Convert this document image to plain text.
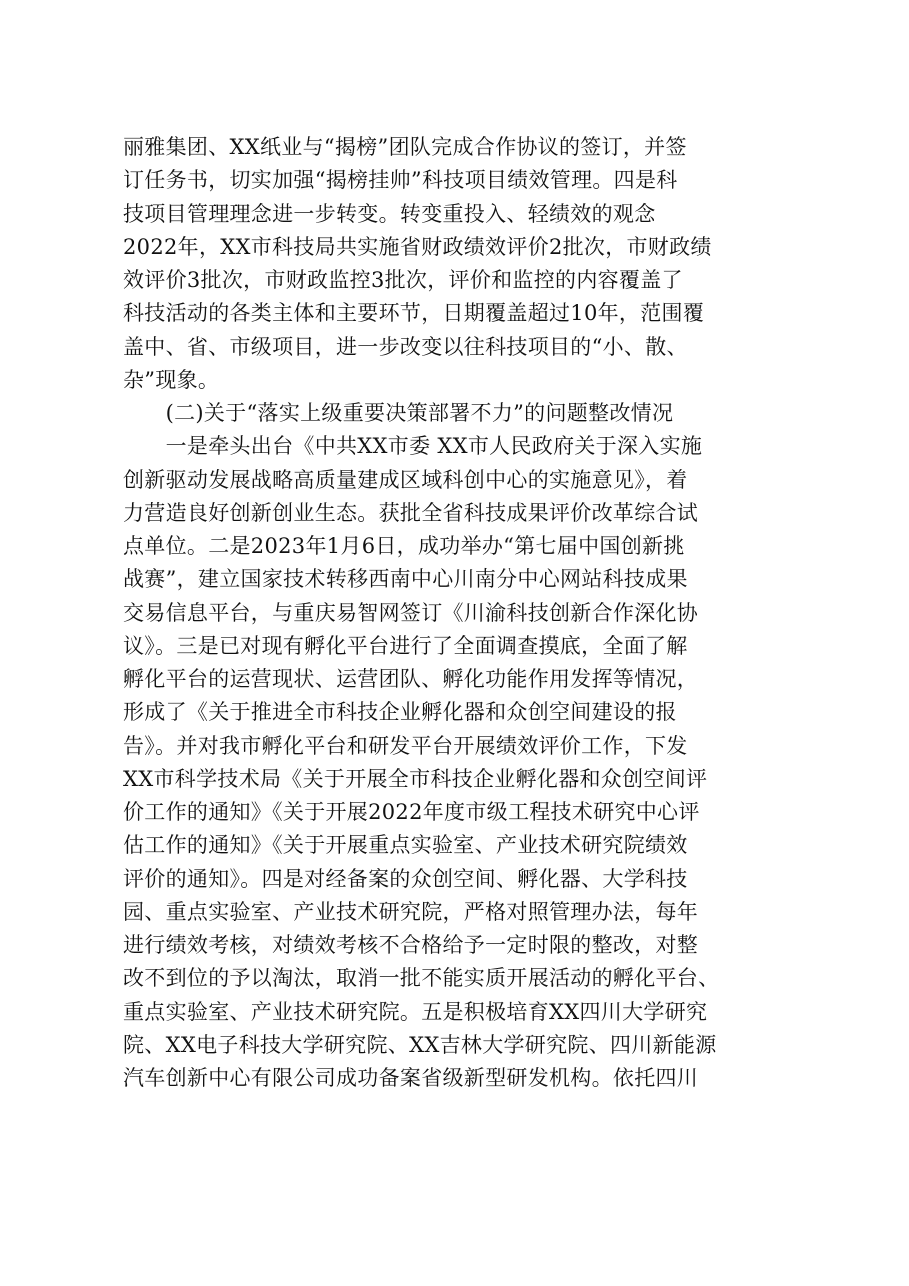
丽雅集团、XX纸业与“揭榜”团队完成合作协议的签订，并签
订任务书，切实加强“揭榜挂帅”科技项目绩效管理。四是科
技项目管理理念进一步转变。转变重投入、轻绩效的观念
2022年，XX市科技局共实施省财政绩效评价2批次，市财政绩
效评价3批次，市财政监控3批次，评价和监控的内容覆盖了
科技活动的各类主体和主要环节，日期覆盖超过10年，范围覆
盖中、省、市级项目，进一步改变以往科技项目的“小、散、
杂”现象。
　　(二)关于“落实上级重要决策部署不力”的问题整改情况
　　一是牵头出台《中共XX市委 XX市人民政府关于深入实施
创新驱动发展战略高质量建成区域科创中心的实施意见》，着
力营造良好创新创业生态。获批全省科技成果评价改革综合试
点单位。二是2023年1月6日，成功举办“第七届中国创新挑
战赛”，建立国家技术转移西南中心川南分中心网站科技成果
交易信息平台，与重庆易智网签订《川渝科技创新合作深化协
议》。三是已对现有孵化平台进行了全面调查摸底，全面了解
孵化平台的运营现状、运营团队、孵化功能作用发挥等情况，
形成了《关于推进全市科技企业孵化器和众创空间建设的报
告》。并对我市孵化平台和研发平台开展绩效评价工作，下发
XX市科学技术局《关于开展全市科技企业孵化器和众创空间评
价工作的通知》《关于开展2022年度市级工程技术研究中心评
估工作的通知》《关于开展重点实验室、产业技术研究院绩效
评价的通知》。四是对经备案的众创空间、孵化器、大学科技
园、重点实验室、产业技术研究院，严格对照管理办法，每年
进行绩效考核，对绩效考核不合格给予一定时限的整改，对整
改不到位的予以淘汰，取消一批不能实质开展活动的孵化平台、
重点实验室、产业技术研究院。五是积极培育XX四川大学研究
院、XX电子科技大学研究院、XX吉林大学研究院、四川新能源
汽车创新中心有限公司成功备案省级新型研发机构。依托四川
